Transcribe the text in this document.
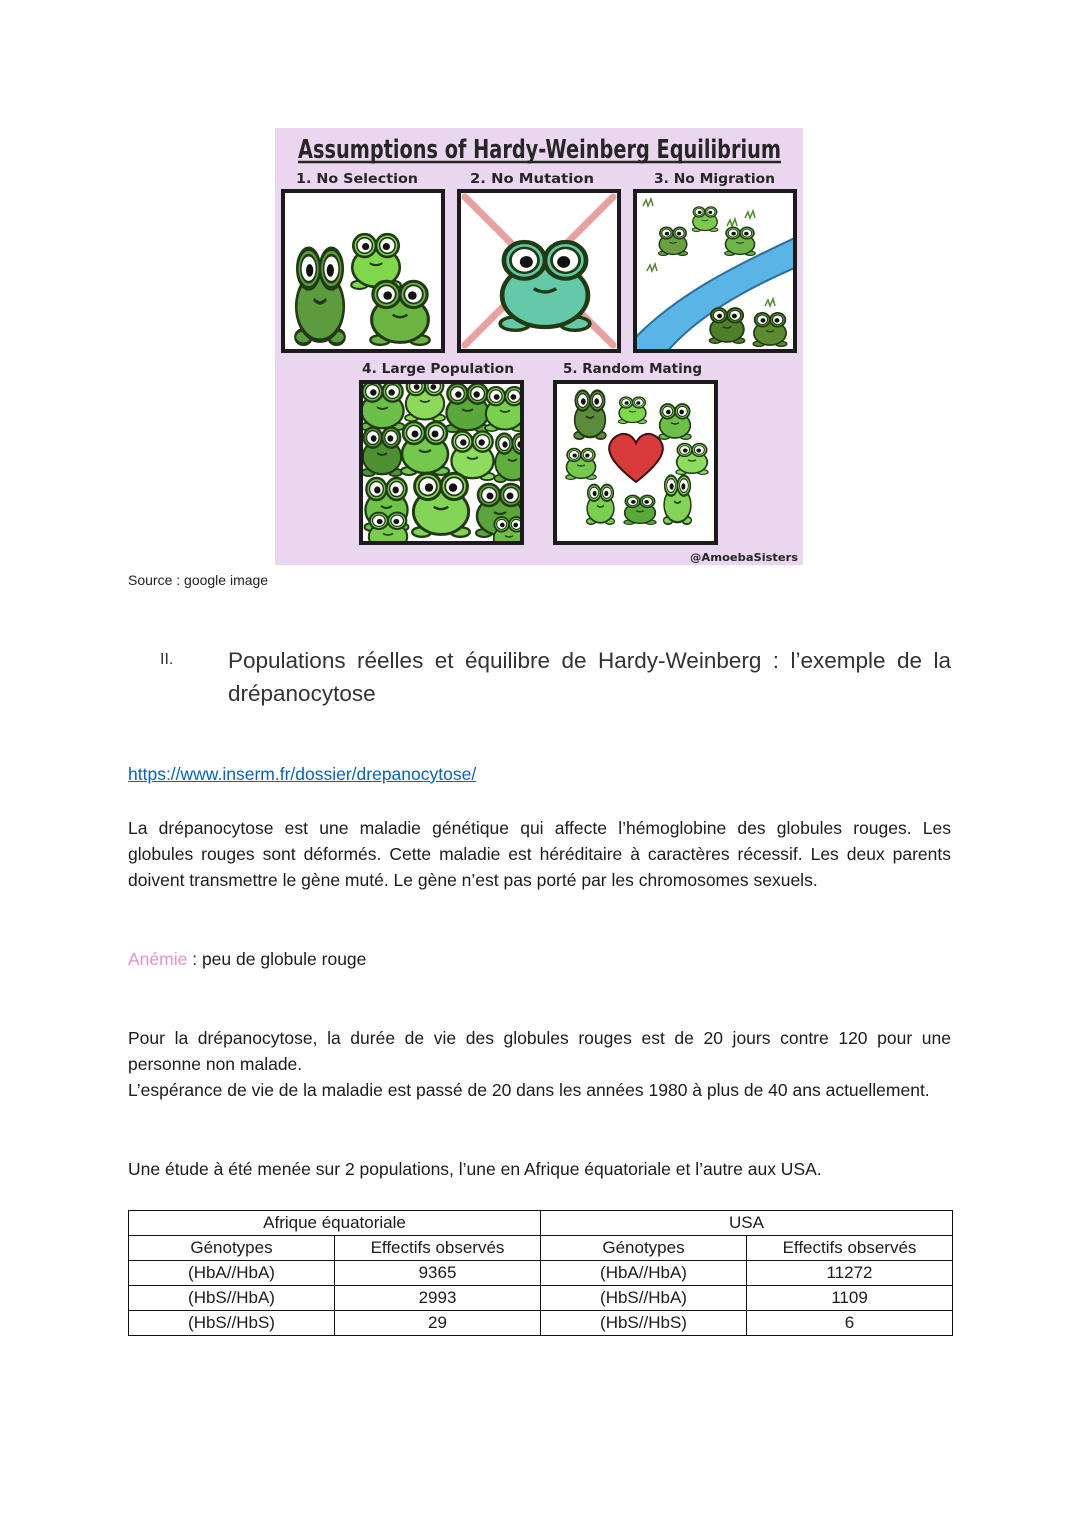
Assumptions of Hardy-Weinberg Equilibrium
1. No Selection	2. No Mutation	3. No Migration
4. Large Population	5. Random Mating
@AmoebaSisters
Source : google image
II. Populations réelles et équilibre de Hardy-Weinberg : l’exemple de la
drépanocytose
https://www.inserm.fr/dossier/drepanocytose/
La drépanocytose est une maladie génétique qui affecte l’hémoglobine des globules rouges. Les
globules rouges sont déformés. Cette maladie est héréditaire à caractères récessif. Les deux parents
doivent transmettre le gène muté. Le gène n’est pas porté par les chromosomes sexuels.
Anémie : peu de globule rouge
Pour la drépanocytose, la durée de vie des globules rouges est de 20 jours contre 120 pour une
personne non malade.
L’espérance de vie de la maladie est passé de 20 dans les années 1980 à plus de 40 ans actuellement.
Une étude à été menée sur 2 populations, l’une en Afrique équatoriale et l’autre aux USA.
Afrique équatoriale		USA	
Génotypes	Effectifs observés	Génotypes	Effectifs observés
(HbA//HbA)	9365	(HbA//HbA)	11272
(HbS//HbA)	2993	(HbS//HbA)	1109
(HbS//HbS)	29	(HbS//HbS)	6
